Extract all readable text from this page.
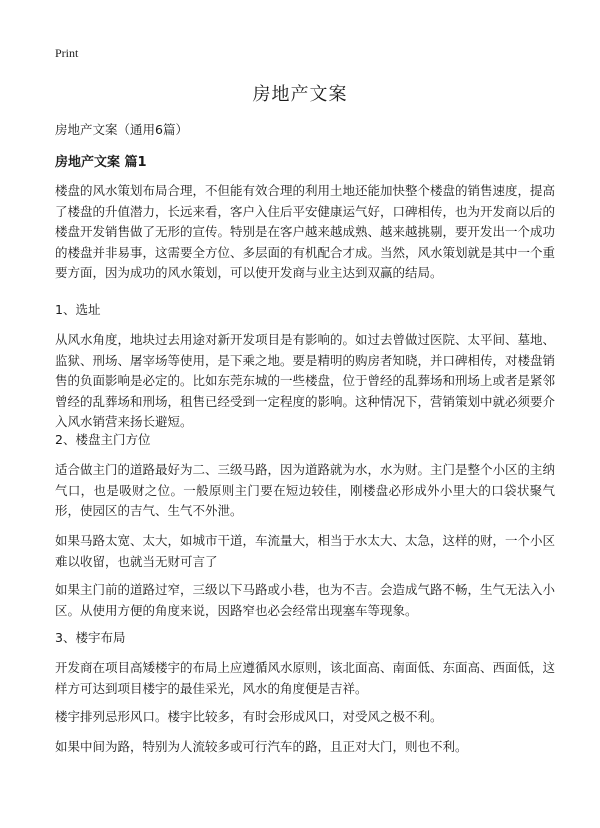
Print
房地产文案

房地产文案（通用6篇）

房地产文案 篇1

楼盘的风水策划布局合理，不但能有效合理的利用土地还能加快整个楼盘的销售速度，提高了楼盘的升值潜力，长远来看，客户入住后平安健康运气好，口碑相传，也为开发商以后的楼盘开发销售做了无形的宣传。特别是在客户越来越成熟、越来越挑剔，要开发出一个成功的楼盘并非易事，这需要全方位、多层面的有机配合才成。当然，风水策划就是其中一个重要方面，因为成功的风水策划，可以使开发商与业主达到双赢的结局。

1、选址

从风水角度，地块过去用途对新开发项目是有影响的。如过去曾做过医院、太平间、墓地、监狱、刑场、屠宰场等使用，是下乘之地。要是精明的购房者知晓，并口碑相传，对楼盘销售的负面影响是必定的。比如东莞东城的一些楼盘，位于曾经的乱葬场和刑场上或者是紧邻曾经的乱葬场和刑场，租售已经受到一定程度的影响。这种情况下，营销策划中就必须要介入风水销营来扬长避短。

2、楼盘主门方位

适合做主门的道路最好为二、三级马路，因为道路就为水，水为财。主门是整个小区的主纳气口，也是吸财之位。一般原则主门要在短边较佳，刚楼盘必形成外小里大的口袋状聚气形，使园区的吉气、生气不外泄。

如果马路太宽、太大，如城市干道，车流量大，相当于水太大、太急，这样的财，一个小区难以收留，也就当无财可言了

如果主门前的道路过窄，三级以下马路或小巷，也为不吉。会造成气路不畅，生气无法入小区。从使用方便的角度来说，因路窄也必会经常出现塞车等现象。

3、楼宇布局

开发商在项目高矮楼宇的布局上应遵循风水原则，该北面高、南面低、东面高、西面低，这样方可达到项目楼宇的最佳采光，风水的角度便是吉祥。

楼宇排列忌形风口。楼宇比较多，有时会形成风口，对受风之极不利。

如果中间为路，特别为人流较多或可行汽车的路，且正对大门，则也不利。
